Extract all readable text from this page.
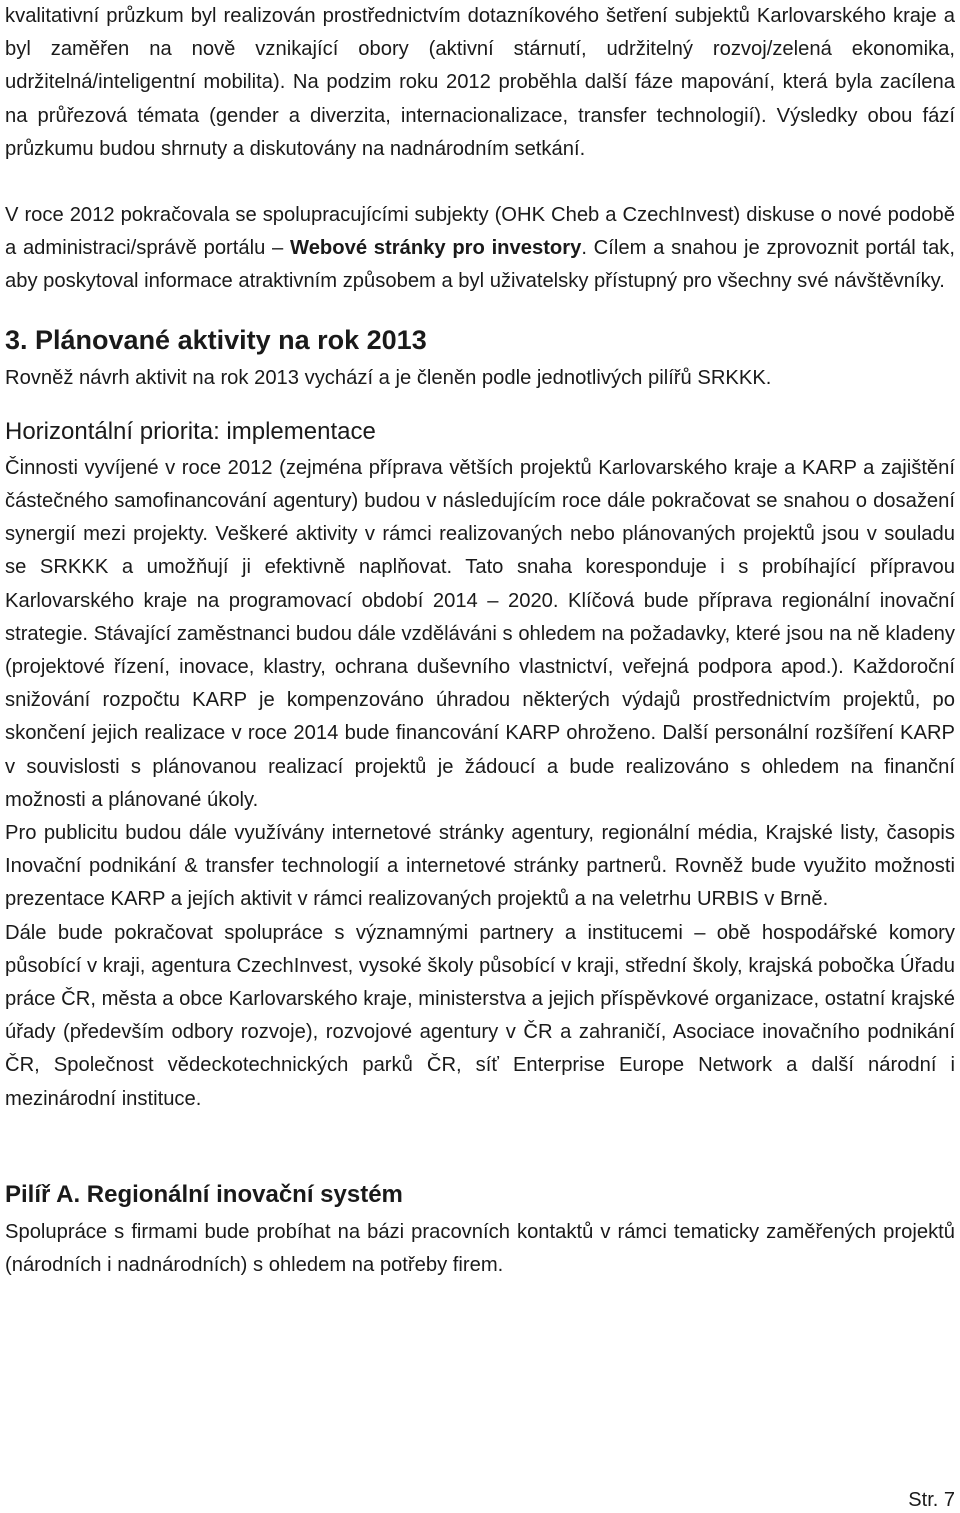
kvalitativní průzkum byl realizován prostřednictvím dotazníkového šetření subjektů Karlovarského kraje a byl zaměřen na nově vznikající obory (aktivní stárnutí, udržitelný rozvoj/zelená ekonomika, udržitelná/inteligentní mobilita). Na podzim roku 2012 proběhla další fáze mapování, která byla zacílena na průřezová témata (gender a diverzita, internacionalizace, transfer technologií). Výsledky obou fází průzkumu budou shrnuty a diskutovány na nadnárodním setkání.

V roce 2012 pokračovala se spolupracujícími subjekty (OHK Cheb a CzechInvest) diskuse o nové podobě a administraci/správě portálu – Webové stránky pro investory. Cílem a snahou je zprovoznit portál tak, aby poskytoval informace atraktivním způsobem a byl uživatelsky přístupný pro všechny své návštěvníky.

3. Plánované aktivity na rok 2013

Rovněž návrh aktivit na rok 2013 vychází a je členěn podle jednotlivých pilířů SRKKK.

Horizontální priorita: implementace

Činnosti vyvíjené v roce 2012 (zejména příprava větších projektů Karlovarského kraje a KARP a zajištění částečného samofinancování agentury) budou v následujícím roce dále pokračovat se snahou o dosažení synergií mezi projekty. Veškeré aktivity v rámci realizovaných nebo plánovaných projektů jsou v souladu se SRKKK a umožňují ji efektivně naplňovat. Tato snaha koresponduje i s probíhající přípravou Karlovarského kraje na programovací období 2014 – 2020. Klíčová bude příprava regionální inovační strategie. Stávající zaměstnanci budou dále vzděláváni s ohledem na požadavky, které jsou na ně kladeny (projektové řízení, inovace, klastry, ochrana duševního vlastnictví, veřejná podpora apod.). Každoroční snižování rozpočtu KARP je kompenzováno úhradou některých výdajů prostřednictvím projektů, po skončení jejich realizace v roce 2014 bude financování KARP ohroženo. Další personální rozšíření KARP v souvislosti s plánovanou realizací projektů je žádoucí a bude realizováno s ohledem na finanční možnosti a plánované úkoly.

Pro publicitu budou dále využívány internetové stránky agentury, regionální média, Krajské listy, časopis Inovační podnikání & transfer technologií a internetové stránky partnerů. Rovněž bude využito možnosti prezentace KARP a jejích aktivit v rámci realizovaných projektů a na veletrhu URBIS v Brně.

Dále bude pokračovat spolupráce s významnými partnery a institucemi – obě hospodářské komory působící v kraji, agentura CzechInvest, vysoké školy působící v kraji, střední školy, krajská pobočka Úřadu práce ČR, města a obce Karlovarského kraje, ministerstva a jejich příspěvkové organizace, ostatní krajské úřady (především odbory rozvoje), rozvojové agentury v ČR a zahraničí, Asociace inovačního podnikání ČR, Společnost vědeckotechnických parků ČR, síť Enterprise Europe Network a další národní i mezinárodní instituce.

Pilíř A. Regionální inovační systém

Spolupráce s firmami bude probíhat na bázi pracovních kontaktů v rámci tematicky zaměřených projektů (národních i nadnárodních) s ohledem na potřeby firem.

Str. 7
